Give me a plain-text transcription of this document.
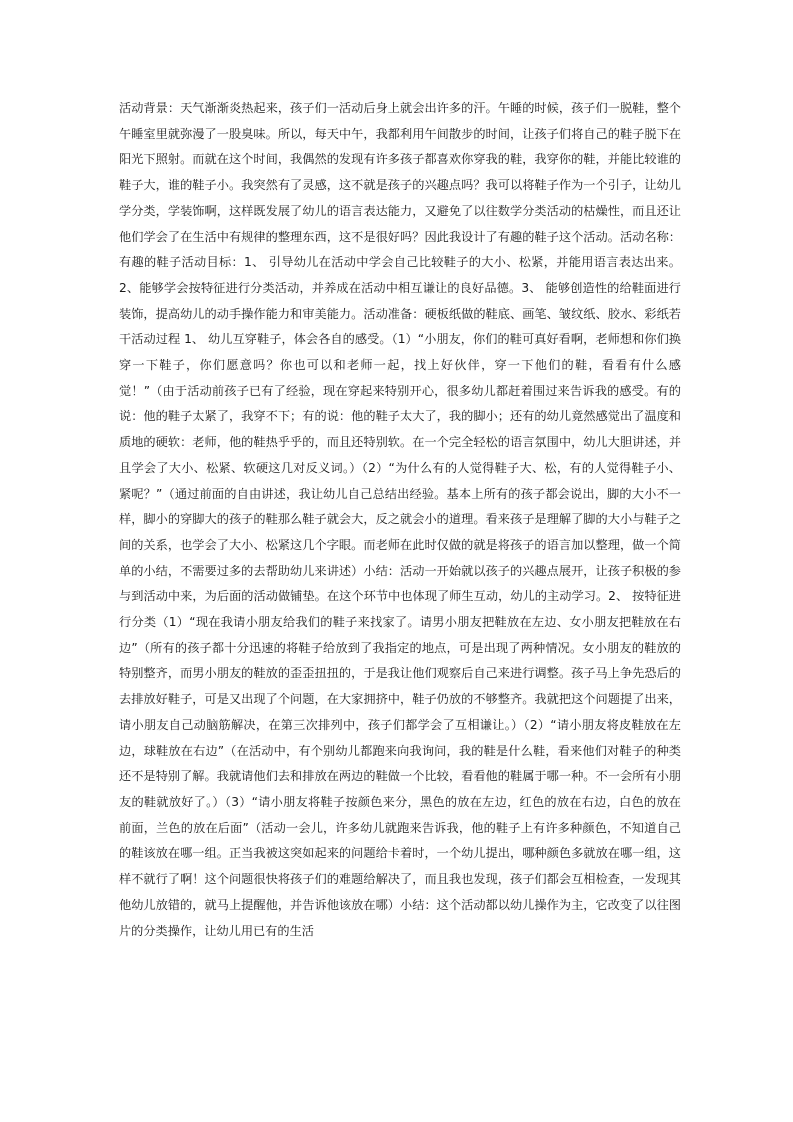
活动背景：天气渐渐炎热起来，孩子们一活动后身上就会出许多的汗。午睡的时候，孩子们一脱鞋，整个午睡室里就弥漫了一股臭味。所以，每天中午，我都利用午间散步的时间，让孩子们将自己的鞋子脱下在阳光下照射。而就在这个时间，我偶然的发现有许多孩子都喜欢你穿我的鞋，我穿你的鞋，并能比较谁的鞋子大，谁的鞋子小。我突然有了灵感，这不就是孩子的兴趣点吗？我可以将鞋子作为一个引子，让幼儿学分类，学装饰啊，这样既发展了幼儿的语言表达能力，又避免了以往数学分类活动的枯燥性，而且还让他们学会了在生活中有规律的整理东西，这不是很好吗？因此我设计了有趣的鞋子这个活动。活动名称：有趣的鞋子活动目标：1、 引导幼儿在活动中学会自己比较鞋子的大小、松紧，并能用语言表达出来。2、能够学会按特征进行分类活动，并养成在活动中相互谦让的良好品德。3、 能够创造性的给鞋面进行装饰，提高幼儿的动手操作能力和审美能力。活动准备：硬板纸做的鞋底、画笔、皱纹纸、胶水、彩纸若干活动过程 1、 幼儿互穿鞋子，体会各自的感受。（1）“小朋友，你们的鞋可真好看啊，老师想和你们换穿一下鞋子，你们愿意吗？你也可以和老师一起，找上好伙伴，穿一下他们的鞋，看看有什么感觉！”（由于活动前孩子已有了经验，现在穿起来特别开心，很多幼儿都赶着围过来告诉我的感受。有的说：他的鞋子太紧了，我穿不下；有的说：他的鞋子太大了，我的脚小；还有的幼儿竟然感觉出了温度和质地的硬软：老师，他的鞋热乎乎的，而且还特别软。在一个完全轻松的语言氛围中，幼儿大胆讲述，并且学会了大小、松紧、软硬这几对反义词。）（2）“为什么有的人觉得鞋子大、松，有的人觉得鞋子小、紧呢？”（通过前面的自由讲述，我让幼儿自己总结出经验。基本上所有的孩子都会说出，脚的大小不一样，脚小的穿脚大的孩子的鞋那么鞋子就会大，反之就会小的道理。看来孩子是理解了脚的大小与鞋子之间的关系，也学会了大小、松紧这几个字眼。而老师在此时仅做的就是将孩子的语言加以整理，做一个简单的小结，不需要过多的去帮助幼儿来讲述）小结：活动一开始就以孩子的兴趣点展开，让孩子积极的参与到活动中来，为后面的活动做铺垫。在这个环节中也体现了师生互动，幼儿的主动学习。2、 按特征进行分类（1）“现在我请小朋友给我们的鞋子来找家了。请男小朋友把鞋放在左边、女小朋友把鞋放在右边”（所有的孩子都十分迅速的将鞋子给放到了我指定的地点，可是出现了两种情况。女小朋友的鞋放的特别整齐，而男小朋友的鞋放的歪歪扭扭的，于是我让他们观察后自己来进行调整。孩子马上争先恐后的去排放好鞋子，可是又出现了个问题，在大家拥挤中，鞋子仍放的不够整齐。我就把这个问题提了出来，请小朋友自己动脑筋解决，在第三次排列中，孩子们都学会了互相谦让。）（2）“请小朋友将皮鞋放在左边，球鞋放在右边”（在活动中，有个别幼儿都跑来向我询问，我的鞋是什么鞋，看来他们对鞋子的种类还不是特别了解。我就请他们去和排放在两边的鞋做一个比较，看看他的鞋属于哪一种。不一会所有小朋友的鞋就放好了。）（3）“请小朋友将鞋子按颜色来分，黑色的放在左边，红色的放在右边，白色的放在前面，兰色的放在后面”（活动一会儿，许多幼儿就跑来告诉我，他的鞋子上有许多种颜色，不知道自己的鞋该放在哪一组。正当我被这突如起来的问题给卡着时，一个幼儿提出，哪种颜色多就放在哪一组，这样不就行了啊！这个问题很快将孩子们的难题给解决了，而且我也发现，孩子们都会互相检查，一发现其他幼儿放错的，就马上提醒他，并告诉他该放在哪）小结：这个活动都以幼儿操作为主，它改变了以往图片的分类操作，让幼儿用已有的生活
